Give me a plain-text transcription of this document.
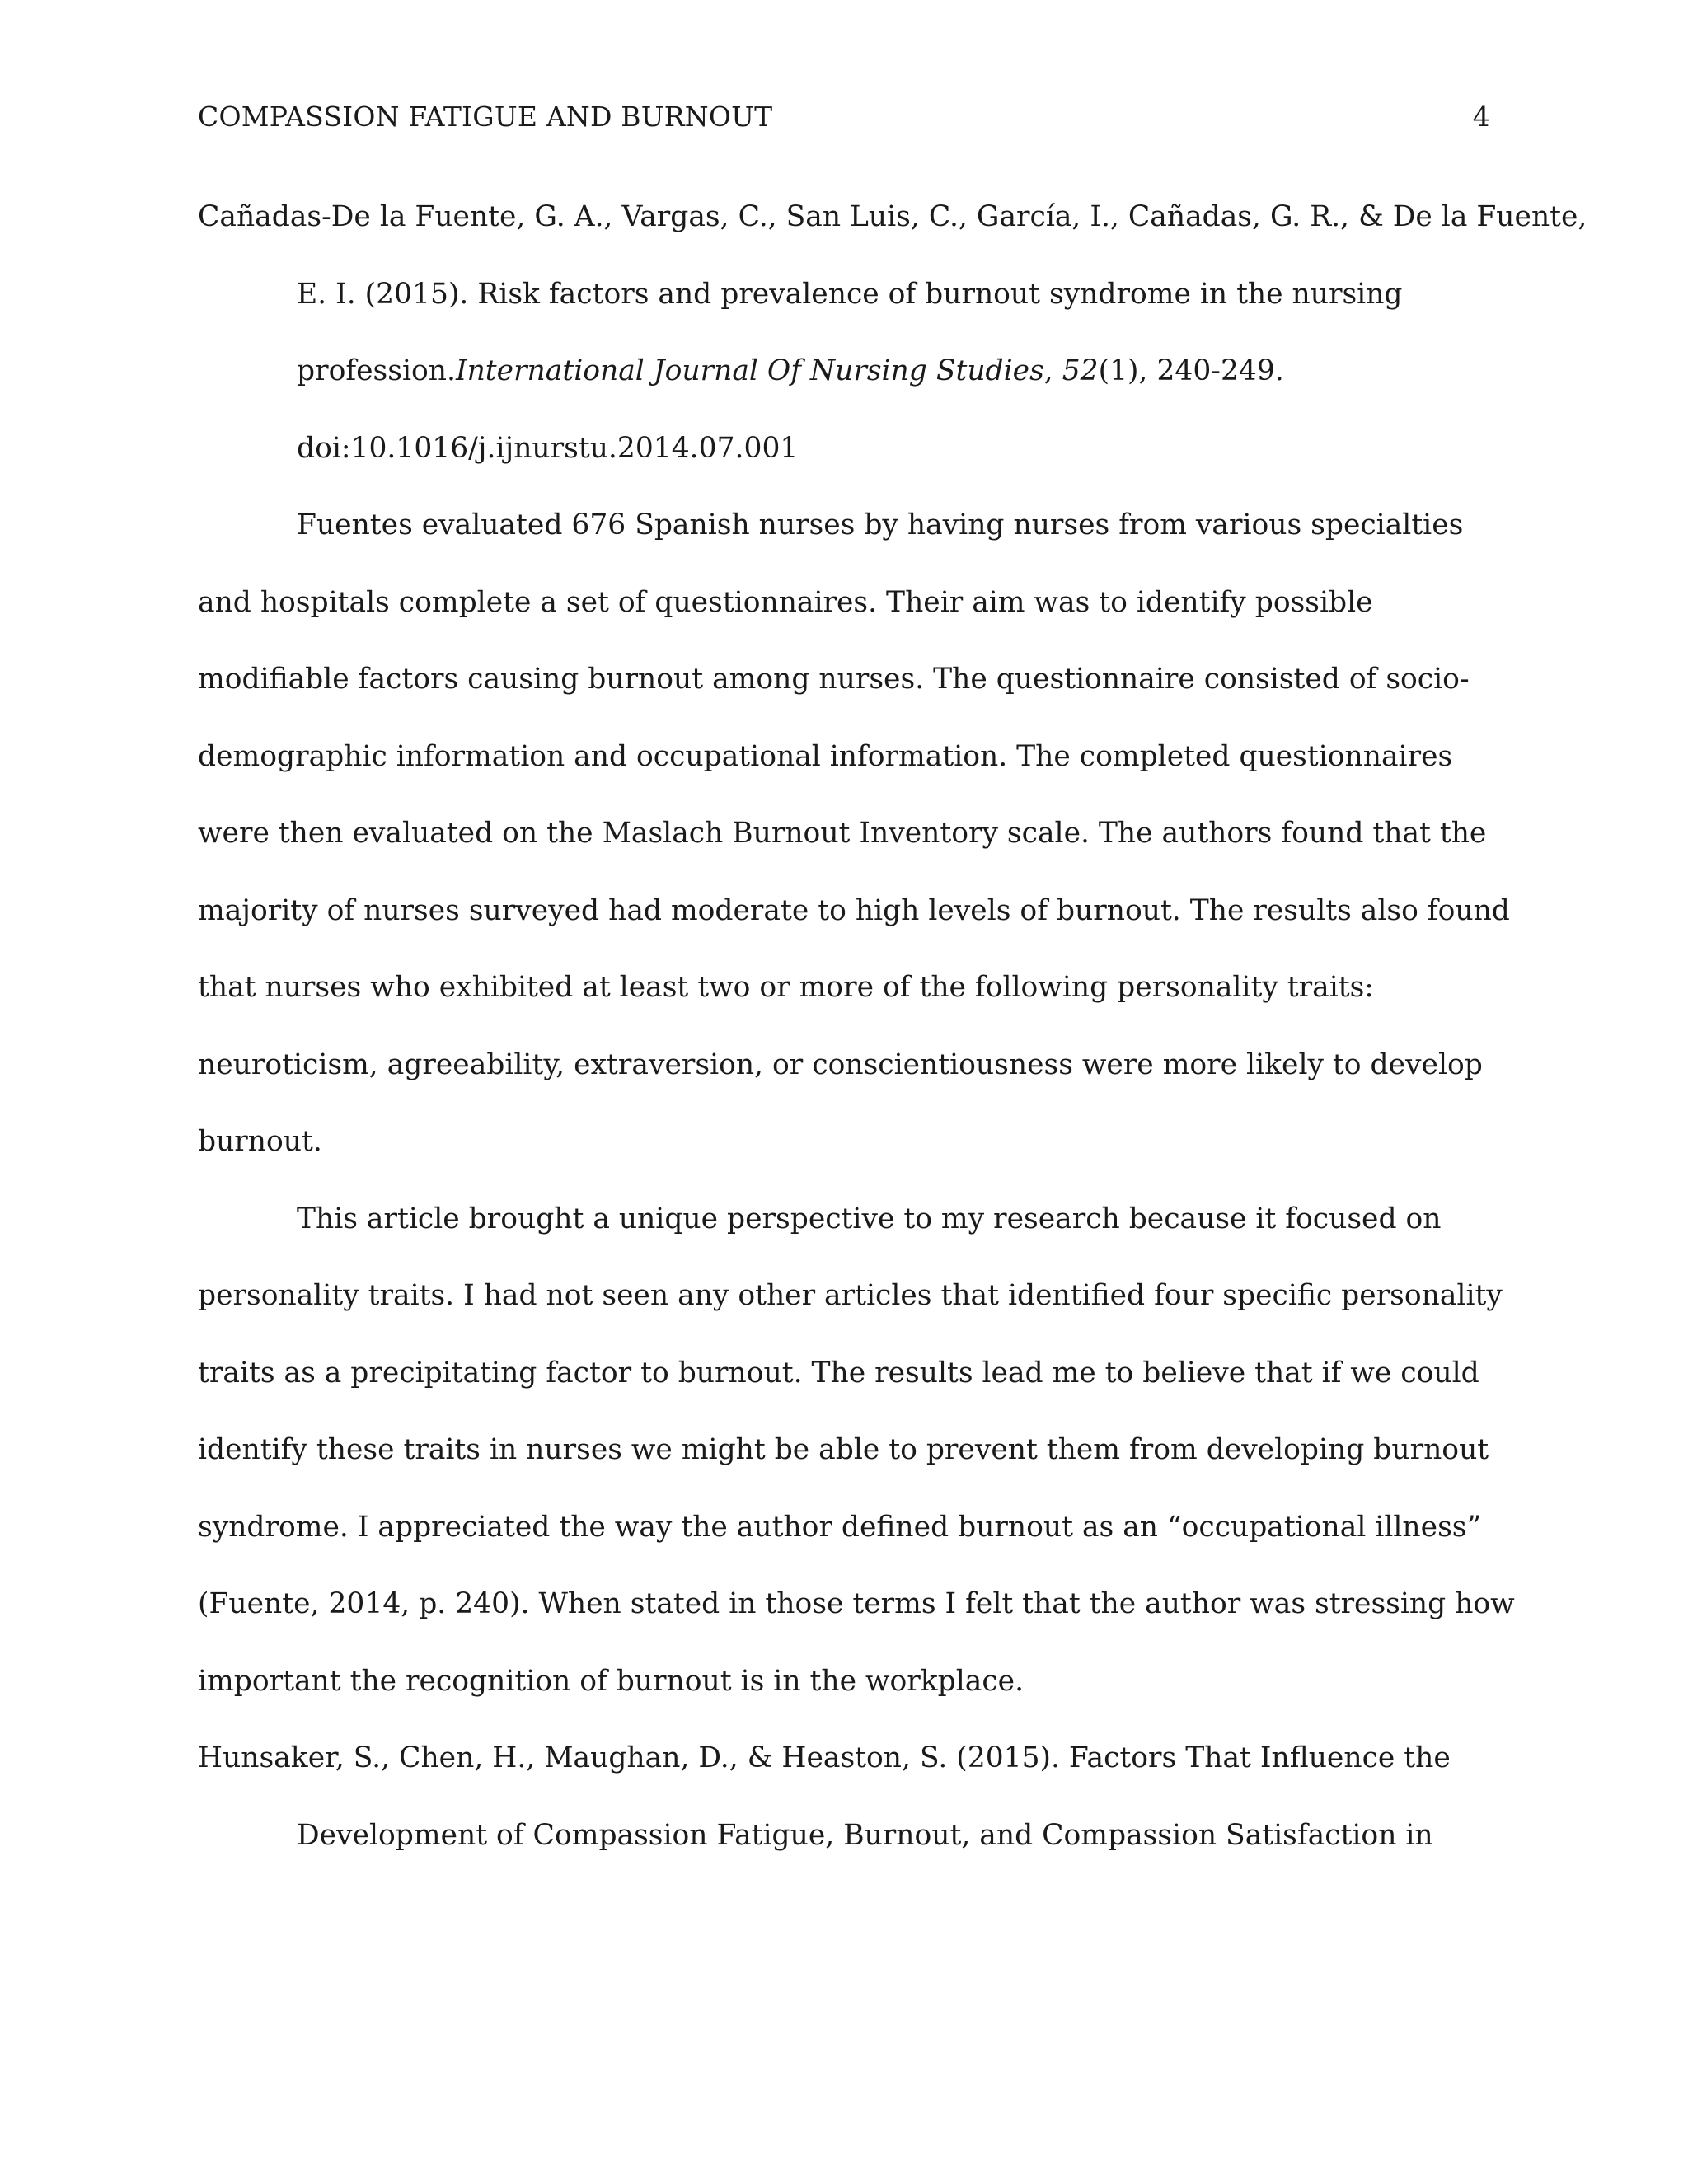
COMPASSION FATIGUE AND BURNOUT	4
Cañadas-De la Fuente, G. A., Vargas, C., San Luis, C., García, I., Cañadas, G. R., & De la Fuente,
E. I. (2015). Risk factors and prevalence of burnout syndrome in the nursing
profession.International Journal Of Nursing Studies, 52(1), 240-249.
doi:10.1016/j.ijnurstu.2014.07.001
Fuentes evaluated 676 Spanish nurses by having nurses from various specialties
and hospitals complete a set of questionnaires. Their aim was to identify possible
modifiable factors causing burnout among nurses. The questionnaire consisted of socio-
demographic information and occupational information. The completed questionnaires
were then evaluated on the Maslach Burnout Inventory scale. The authors found that the
majority of nurses surveyed had moderate to high levels of burnout. The results also found
that nurses who exhibited at least two or more of the following personality traits:
neuroticism, agreeability, extraversion, or conscientiousness were more likely to develop
burnout.
This article brought a unique perspective to my research because it focused on
personality traits. I had not seen any other articles that identified four specific personality
traits as a precipitating factor to burnout. The results lead me to believe that if we could
identify these traits in nurses we might be able to prevent them from developing burnout
syndrome. I appreciated the way the author defined burnout as an “occupational illness”
(Fuente, 2014, p. 240). When stated in those terms I felt that the author was stressing how
important the recognition of burnout is in the workplace.
Hunsaker, S., Chen, H., Maughan, D., & Heaston, S. (2015). Factors That Influence the
Development of Compassion Fatigue, Burnout, and Compassion Satisfaction in
